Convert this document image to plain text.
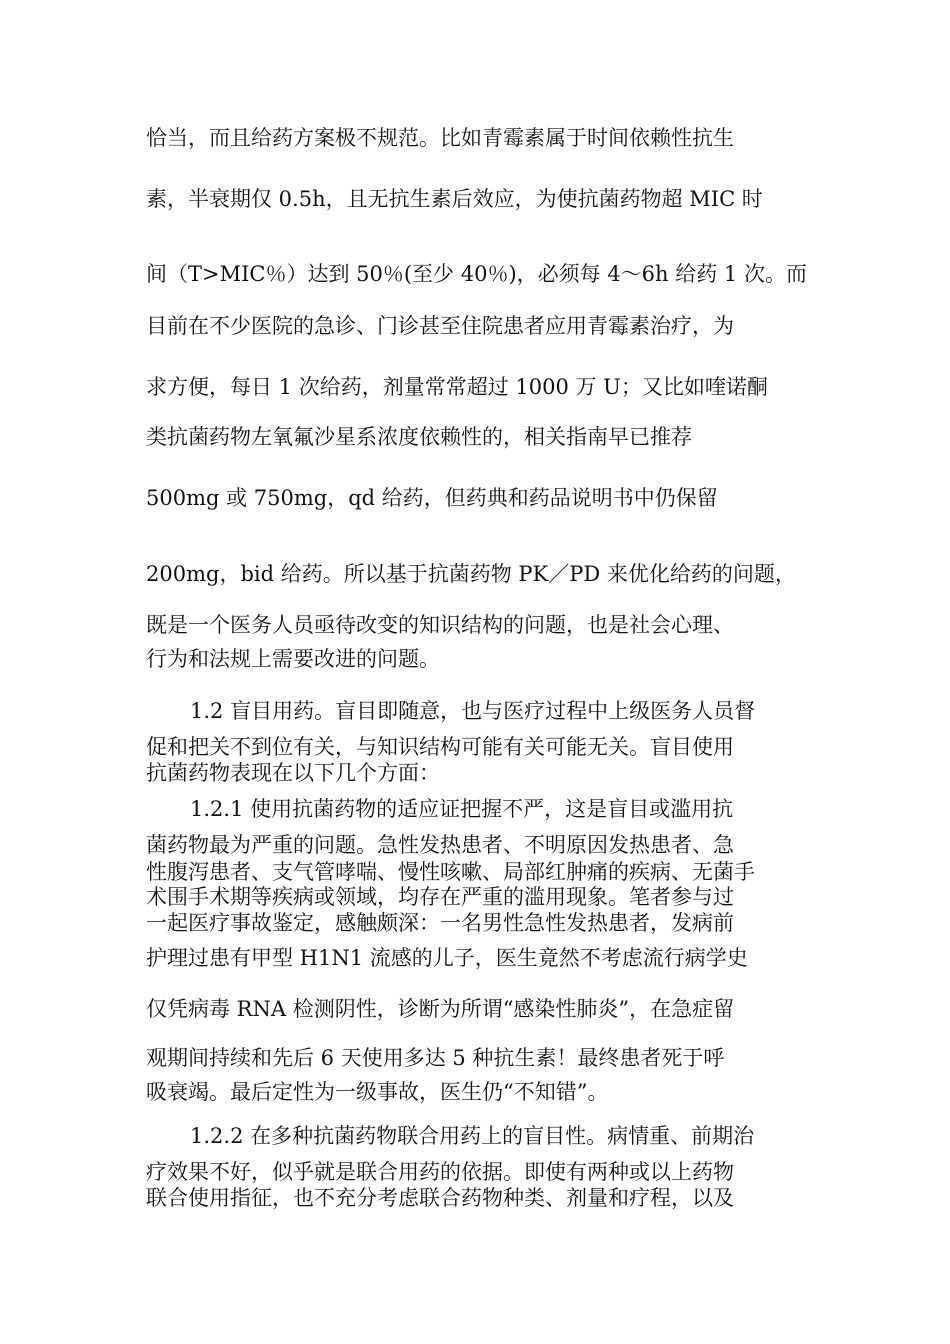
恰当，而且给药方案极不规范。比如青霉素属于时间依赖性抗生

素，半衰期仅 0.5h，且无抗生素后效应，为使抗菌药物超 MIC 时

间（T>MIC％）达到 50％(至少 40％)，必须每 4～6h 给药 1 次。而

目前在不少医院的急诊、门诊甚至住院患者应用青霉素治疗，为

求方便，每日 1 次给药，剂量常常超过 1000 万 U；又比如喹诺酮

类抗菌药物左氧氟沙星系浓度依赖性的，相关指南早已推荐

500mg 或 750mg，qd 给药，但药典和药品说明书中仍保留

200mg，bid 给药。所以基于抗菌药物 PK／PD 来优化给药的问题，

既是一个医务人员亟待改变的知识结构的问题，也是社会心理、

行为和法规上需要改进的问题。

1.2 盲目用药。盲目即随意，也与医疗过程中上级医务人员督

促和把关不到位有关，与知识结构可能有关可能无关。盲目使用

抗菌药物表现在以下几个方面：

1.2.1 使用抗菌药物的适应证把握不严，这是盲目或滥用抗

菌药物最为严重的问题。急性发热患者、不明原因发热患者、急

性腹泻患者、支气管哮喘、慢性咳嗽、局部红肿痛的疾病、无菌手

术围手术期等疾病或领域，均存在严重的滥用现象。笔者参与过

一起医疗事故鉴定，感触颇深：一名男性急性发热患者，发病前

护理过患有甲型 H1N1 流感的儿子，医生竟然不考虑流行病学史

仅凭病毒 RNA 检测阴性，诊断为所谓“感染性肺炎”，在急症留

观期间持续和先后 6 天使用多达 5 种抗生素！最终患者死于呼

吸衰竭。最后定性为一级事故，医生仍“不知错”。

1.2.2 在多种抗菌药物联合用药上的盲目性。病情重、前期治

疗效果不好，似乎就是联合用药的依据。即使有两种或以上药物

联合使用指征，也不充分考虑联合药物种类、剂量和疗程，以及
